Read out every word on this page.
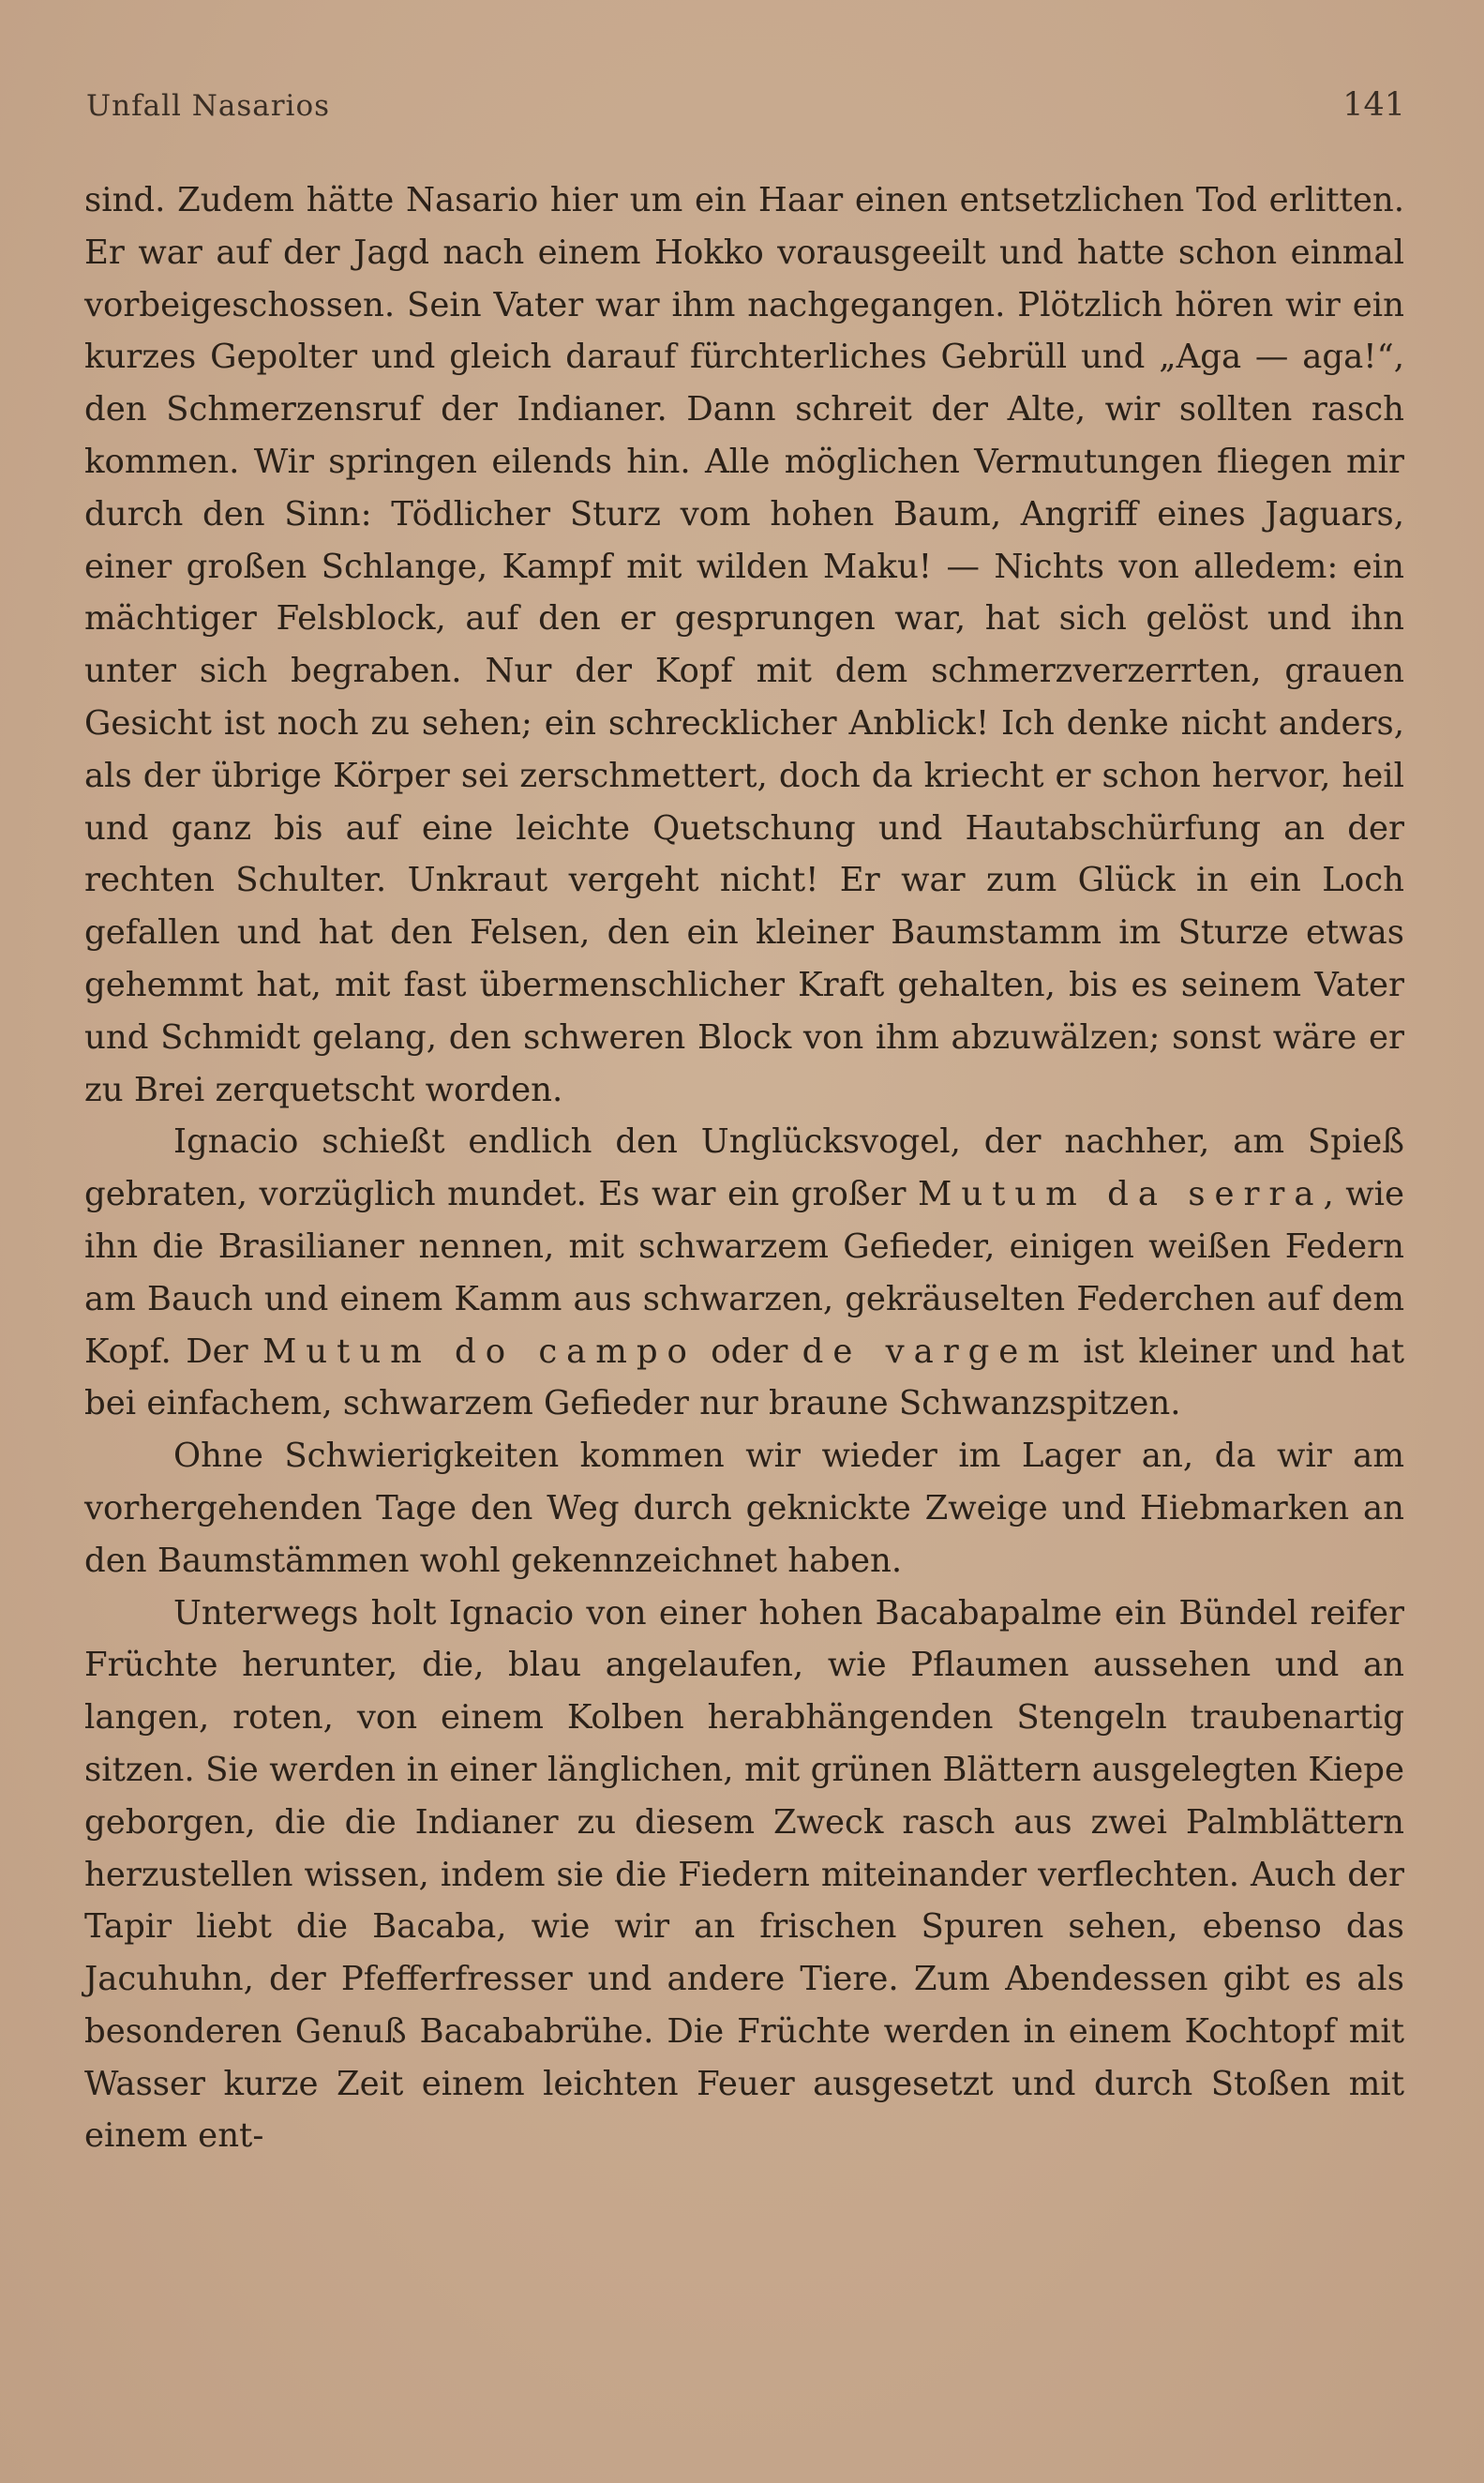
Unfall Nasarios	141

sind. Zudem hätte Nasario hier um ein Haar einen entsetzlichen Tod erlitten. Er war auf der Jagd nach einem Hokko vorausgeeilt und hatte schon einmal vorbeigeschossen. Sein Vater war ihm nachgegangen. Plötzlich hören wir ein kurzes Gepolter und gleich darauf fürchterliches Gebrüll und „Aga — aga!“, den Schmerzensruf der Indianer. Dann schreit der Alte, wir sollten rasch kommen. Wir springen eilends hin. Alle möglichen Vermutungen fliegen mir durch den Sinn: Tödlicher Sturz vom hohen Baum, Angriff eines Jaguars, einer großen Schlange, Kampf mit wilden Maku! — Nichts von alledem: ein mächtiger Felsblock, auf den er gesprungen war, hat sich gelöst und ihn unter sich begraben. Nur der Kopf mit dem schmerzverzerrten, grauen Gesicht ist noch zu sehen; ein schrecklicher Anblick! Ich denke nicht anders, als der übrige Körper sei zerschmettert, doch da kriecht er schon hervor, heil und ganz bis auf eine leichte Quetschung und Hautabschürfung an der rechten Schulter. Unkraut vergeht nicht! Er war zum Glück in ein Loch gefallen und hat den Felsen, den ein kleiner Baumstamm im Sturze etwas gehemmt hat, mit fast übermenschlicher Kraft gehalten, bis es seinem Vater und Schmidt gelang, den schweren Block von ihm abzuwälzen; sonst wäre er zu Brei zerquetscht worden.

Ignacio schießt endlich den Unglücksvogel, der nachher, am Spieß gebraten, vorzüglich mundet. Es war ein großer Mutum da serra, wie ihn die Brasilianer nennen, mit schwarzem Gefieder, einigen weißen Federn am Bauch und einem Kamm aus schwarzen, gekräuselten Federchen auf dem Kopf. Der Mutum do campo oder de vargem ist kleiner und hat bei einfachem, schwarzem Gefieder nur braune Schwanzspitzen.

Ohne Schwierigkeiten kommen wir wieder im Lager an, da wir am vorhergehenden Tage den Weg durch geknickte Zweige und Hiebmarken an den Baumstämmen wohl gekennzeichnet haben.

Unterwegs holt Ignacio von einer hohen Bacabapalme ein Bündel reifer Früchte herunter, die, blau angelaufen, wie Pflaumen aussehen und an langen, roten, von einem Kolben herabhängenden Stengeln traubenartig sitzen. Sie werden in einer länglichen, mit grünen Blättern ausgelegten Kiepe geborgen, die die Indianer zu diesem Zweck rasch aus zwei Palmblättern herzustellen wissen, indem sie die Fiedern miteinander verflechten. Auch der Tapir liebt die Bacaba, wie wir an frischen Spuren sehen, ebenso das Jacuhuhn, der Pfefferfresser und andere Tiere. Zum Abendessen gibt es als besonderen Genuß Bacababrühe. Die Früchte werden in einem Kochtopf mit Wasser kurze Zeit einem leichten Feuer ausgesetzt und durch Stoßen mit einem ent-
